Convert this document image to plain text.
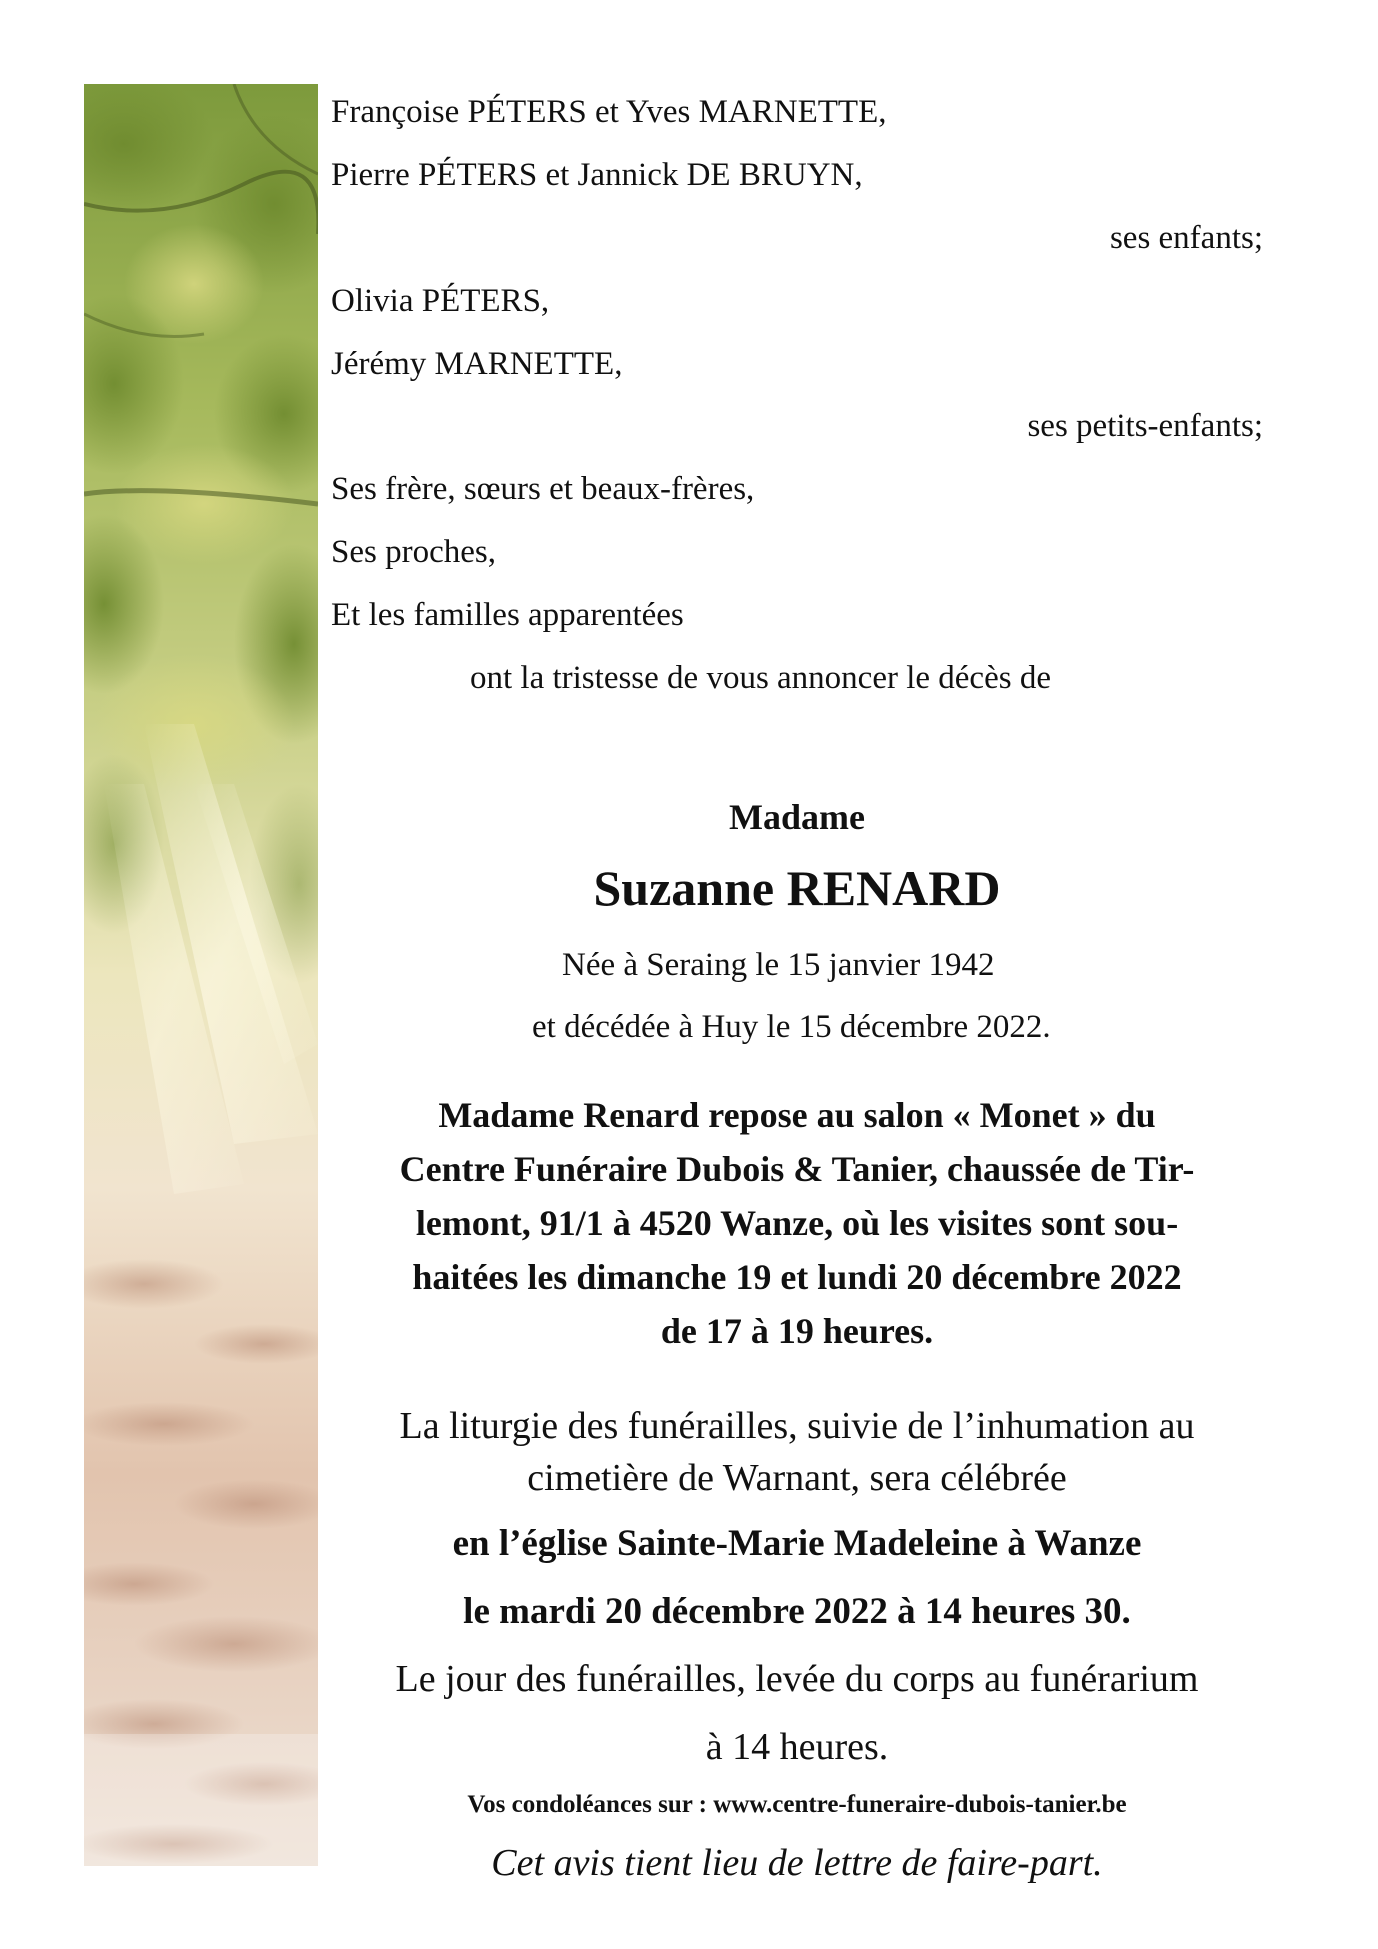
Françoise PÉTERS et Yves MARNETTE,
Pierre PÉTERS et Jannick DE BRUYN,
ses enfants;
Olivia PÉTERS,
Jérémy MARNETTE,
ses petits-enfants;
Ses frère, sœurs et beaux-frères,
Ses proches,
Et les familles apparentées
ont la tristesse de vous annoncer le décès de
Madame
Suzanne RENARD
Née à Seraing le 15 janvier 1942
et décédée à Huy le 15 décembre 2022.
Madame Renard repose au salon « Monet » du
Centre Funéraire Dubois & Tanier, chaussée de Tir-
lemont, 91/1 à 4520 Wanze, où les visites sont sou-
haitées les dimanche 19 et lundi 20 décembre 2022
de 17 à 19 heures.
La liturgie des funérailles, suivie de l’inhumation au
cimetière de Warnant, sera célébrée
en l’église Sainte-Marie Madeleine à Wanze
le mardi 20 décembre 2022 à 14 heures 30.
Le jour des funérailles, levée du corps au funérarium
à 14 heures.
Vos condoléances sur : www.centre-funeraire-dubois-tanier.be
Cet avis tient lieu de lettre de faire-part.
